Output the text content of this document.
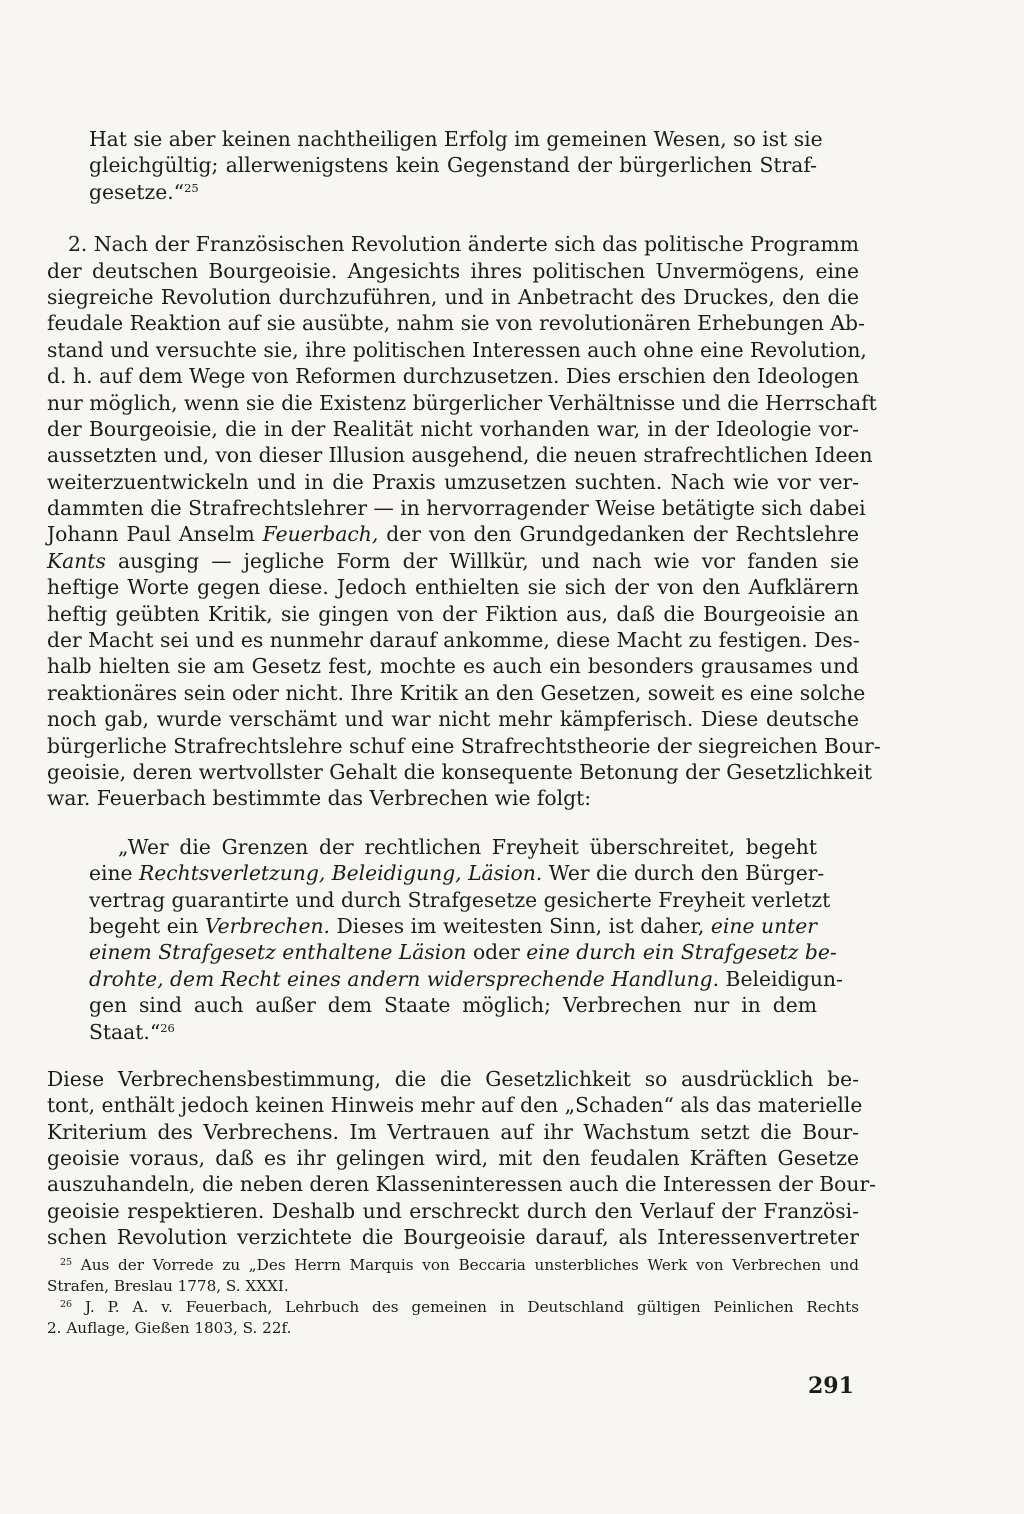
Hat sie aber keinen nachtheiligen Erfolg im gemeinen Wesen, so ist sie
gleichgültig; allerwenigstens kein Gegenstand der bürgerlichen Straf-
gesetze.“$^{25}$
2. Nach der Französischen Revolution änderte sich das politische Programm
der deutschen Bourgeoisie. Angesichts ihres politischen Unvermögens, eine
siegreiche Revolution durchzuführen, und in Anbetracht des Druckes, den die
feudale Reaktion auf sie ausübte, nahm sie von revolutionären Erhebungen Ab-
stand und versuchte sie, ihre politischen Interessen auch ohne eine Revolution,
d. h. auf dem Wege von Reformen durchzusetzen. Dies erschien den Ideologen
nur möglich, wenn sie die Existenz bürgerlicher Verhältnisse und die Herrschaft
der Bourgeoisie, die in der Realität nicht vorhanden war, in der Ideologie vor-
aussetzten und, von dieser Illusion ausgehend, die neuen strafrechtlichen Ideen
weiterzuentwickeln und in die Praxis umzusetzen suchten. Nach wie vor ver-
dammten die Strafrechtslehrer — in hervorragender Weise betätigte sich dabei
Johann Paul Anselm Feuerbach, der von den Grundgedanken der Rechtslehre
Kants ausging — jegliche Form der Willkür, und nach wie vor fanden sie
heftige Worte gegen diese. Jedoch enthielten sie sich der von den Aufklärern
heftig geübten Kritik, sie gingen von der Fiktion aus, daß die Bourgeoisie an
der Macht sei und es nunmehr darauf ankomme, diese Macht zu festigen. Des-
halb hielten sie am Gesetz fest, mochte es auch ein besonders grausames und
reaktionäres sein oder nicht. Ihre Kritik an den Gesetzen, soweit es eine solche
noch gab, wurde verschämt und war nicht mehr kämpferisch. Diese deutsche
bürgerliche Strafrechtslehre schuf eine Strafrechtstheorie der siegreichen Bour-
geoisie, deren wertvollster Gehalt die konsequente Betonung der Gesetzlichkeit
war. Feuerbach bestimmte das Verbrechen wie folgt:
„Wer die Grenzen der rechtlichen Freyheit überschreitet, begeht
eine Rechtsverletzung, Beleidigung, Läsion. Wer die durch den Bürger-
vertrag guarantirte und durch Strafgesetze gesicherte Freyheit verletzt
begeht ein Verbrechen. Dieses im weitesten Sinn, ist daher, eine unter
einem Strafgesetz enthaltene Läsion oder eine durch ein Strafgesetz be-
drohte, dem Recht eines andern widersprechende Handlung. Beleidigun-
gen sind auch außer dem Staate möglich; Verbrechen nur in dem
Staat.“$^{26}$
Diese Verbrechensbestimmung, die die Gesetzlichkeit so ausdrücklich be-
tont, enthält jedoch keinen Hinweis mehr auf den „Schaden“ als das materielle
Kriterium des Verbrechens. Im Vertrauen auf ihr Wachstum setzt die Bour-
geoisie voraus, daß es ihr gelingen wird, mit den feudalen Kräften Gesetze
auszuhandeln, die neben deren Klasseninteressen auch die Interessen der Bour-
geoisie respektieren. Deshalb und erschreckt durch den Verlauf der Französi-
schen Revolution verzichtete die Bourgeoisie darauf, als Interessenvertreter
$^{25}$ Aus der Vorrede zu „Des Herrn Marquis von Beccaria unsterbliches Werk von Verbrechen und
Strafen, Breslau 1778, S. XXXI.
$^{26}$ J. P. A. v. Feuerbach, Lehrbuch des gemeinen in Deutschland gültigen Peinlichen Rechts
2. Auflage, Gießen 1803, S. 22f.
291
